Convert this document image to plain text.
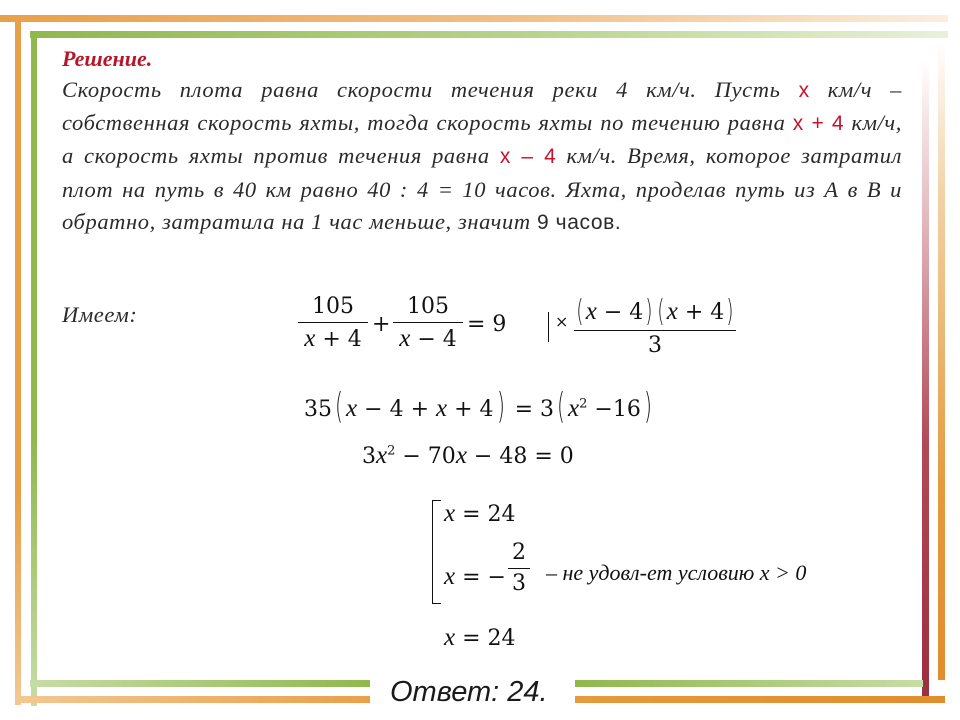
Решение.

Скорость плота равна скорости течения реки 4 км/ч. Пусть x км/ч – собственная скорость яхты, тогда скорость яхты по течению равна x + 4 км/ч, а скорость яхты против течения равна x – 4 км/ч. Время, которое затратил плот на путь в 40 км равно 40 : 4 = 10 часов. Яхта, проделав путь из А в В и обратно, затратила на 1 час меньше, значит 9 часов.

Имеем:	105
x + 4
+
105
x − 4
= 9	× (x − 4) (x + 4)
3
35( x − 4 + x + 4) = 3( $x^2 -16$)
$3x^2 - 70x - 48 = 0$
x = 24
x = −
2
3 – не удовл-ет условию x > 0
x = 24

Ответ: 24.
